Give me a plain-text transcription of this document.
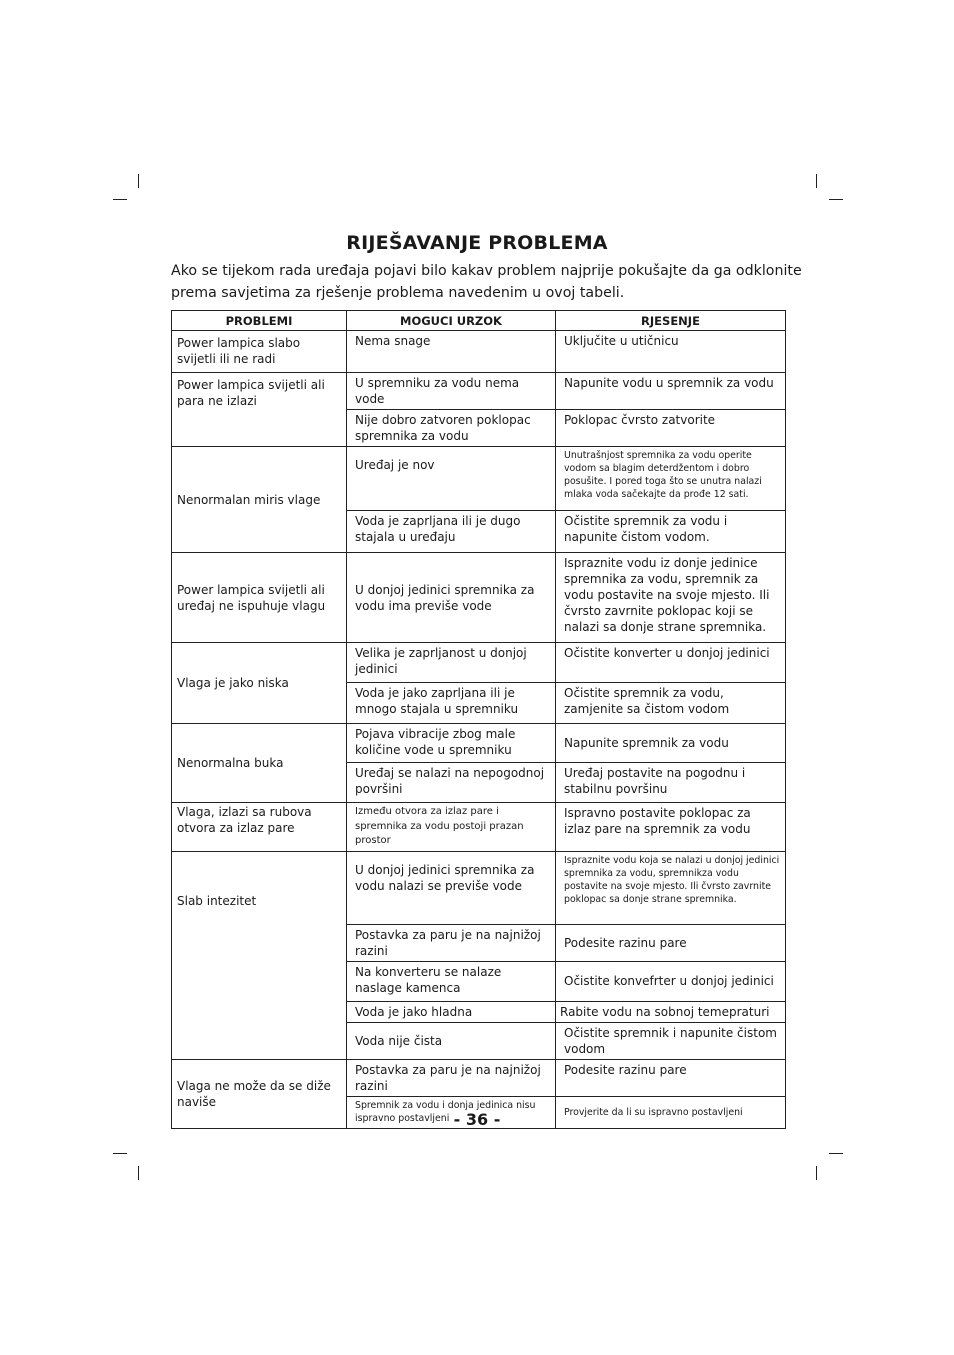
RIJEŠAVANJE PROBLEMA

Ako se tijekom rada uređaja pojavi bilo kakav problem najprije pokušajte da ga odklonite

prema savjetima za rješenje problema navedenim u ovoj tabeli.

PROBLEMI	MOGUCI URZOK	RJESENJE
Power lampica slabo svijetli ili ne radi	Nema snage	Uključite u utičnicu
Power lampica svijetli ali para ne izlazi	U spremniku za vodu nema vode	Napunite vodu u spremnik za vodu
	Nije dobro zatvoren poklopac spremnika za vodu	Poklopac čvrsto zatvorite
Nenormalan miris vlage	Uređaj je nov	Unutrašnjost spremnika za vodu operite vodom sa blagim deterdžentom i dobro posušite. I pored toga što se unutra nalazi mlaka voda sačekajte da prođe 12 sati.
	Voda je zaprljana ili je dugo stajala u uređaju	Očistite spremnik za vodu i napunite čistom vodom.
Power lampica svijetli ali uređaj ne ispuhuje vlagu	U donjoj jedinici spremnika za vodu ima previše vode	Ispraznite vodu iz donje jedinice spremnika za vodu, spremnik za vodu postavite na svoje mjesto. Ili čvrsto zavrnite poklopac koji se nalazi sa donje strane spremnika.
Vlaga je jako niska	Velika je zaprljanost u donjoj jedinici	Očistite konverter u donjoj jedinici
	Voda je jako zaprljana ili je mnogo stajala u spremniku	Očistite spremnik za vodu, zamjenite sa čistom vodom
Nenormalna buka	Pojava vibracije zbog male količine vode u spremniku	Napunite spremnik za vodu
	Uređaj se nalazi na nepogodnoj površini	Uređaj postavite na pogodnu i stabilnu površinu
Vlaga, izlazi sa rubova otvora za izlaz pare	Između otvora za izlaz pare i spremnika za vodu postoji prazan prostor	Ispravno postavite poklopac za izlaz pare na spremnik za vodu
Slab intezitet	U donjoj jedinici spremnika za vodu nalazi se previše vode	Ispraznite vodu koja se nalazi u donjoj jedinici spremnika za vodu, spremnikza vodu postavite na svoje mjesto. Ili čvrsto zavrnite poklopac sa donje strane spremnika.
	Postavka za paru je na najnižoj razini	Podesite razinu pare
	Na konverteru se nalaze naslage kamenca	Očistite konvefrter u donjoj jedinici
	Voda je jako hladna	Rabite vodu na sobnoj temepraturi
	Voda nije čista	Očistite spremnik i napunite čistom vodom
Vlaga ne može da se diže naviše	Postavka za paru je na najnižoj razini	Podesite razinu pare
	Spremnik za vodu i donja jedinica nisu ispravno postavljeni	Provjerite da li su ispravno postavljeni
- 36 -
